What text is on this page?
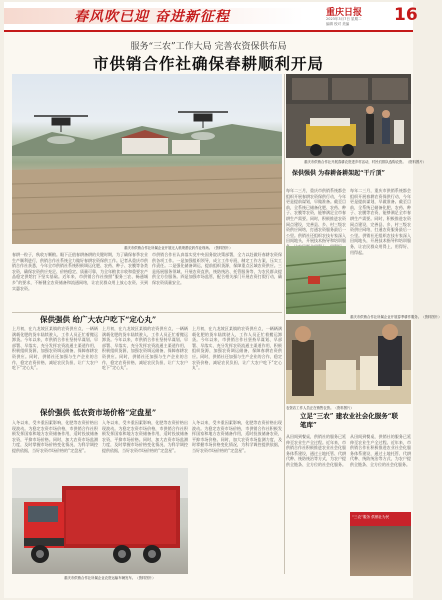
春风吹已迎 奋进新征程	重庆日报
2023年3月7日 星期二
编辑 校对 美编	16
服务“三农”工作大局 完善农资保供布局
市供销合作社确保春耕顺利开局
重庆市供销合作社所属企业开展无人机喷洒农药作业现场。（资料图片）
春耕一粒子，秋收万颗粮。眼下正值春耕备耕的关键时期，为了确保春季农业生产顺利进行，供销合作社系统全力做好春耕农资保供工作。记者从重庆市供销合作社获悉，今年全市供销社系统积极调运化肥、农药、种子、农膜等各类农资，确保农资供应充足、价格稳定、质量可靠，为全年粮食丰收和重要农产品稳定供给打下坚实基础。近年来，市供销合作社按照“服务三农、畅通城乡”的要求，不断健全农资储备和流通网络，让农民群众用上放心农资、买到实惠农资。
市供销合作社认真落实党中央国务院决策部署，全力以赴做好春耕农资保供各项工作。一是加强组织领导，成立工作专班，制定工作方案，压实工作责任。二是强化储备调运，提前组织货源，保障重点区域农资供应。三是拓展服务领域，开展农资直供、统防统治、托管服务等，为农民群众提供全方位服务。四是加强市场监管，配合相关部门开展农资打假行动，确保农资质量安全。
保供强供 给广大农户吃下“定心丸”
上月初，在九龙坡区某镇的农资供应点，一辆辆满载化肥的货车陆续驶入，工作人员正忙着搬运卸货。今年以来，市供销合作社坚持早谋划、早部署、早落实，充分发挥农资流通主渠道作用，积极组织货源，加强农资调运储备，保障春耕农资供应。同时，供销社还加强与生产企业的合作，稳定农资价格，减轻农民负担，让广大农户吃下“定心丸”。
上月初，在九龙坡区某镇的农资供应点，一辆辆满载化肥的货车陆续驶入，工作人员正忙着搬运卸货。今年以来，市供销合作社坚持早谋划、早部署、早落实，充分发挥农资流通主渠道作用，积极组织货源，加强农资调运储备，保障春耕农资供应。同时，供销社还加强与生产企业的合作，稳定农资价格，减轻农民负担，让广大农户吃下“定心丸”。
上月初，在九龙坡区某镇的农资供应点，一辆辆满载化肥的货车陆续驶入，工作人员正忙着搬运卸货。今年以来，市供销合作社坚持早谋划、早部署、早落实，充分发挥农资流通主渠道作用，积极组织货源，加强农资调运储备，保障春耕农资供应。同时，供销社还加强与生产企业的合作，稳定农资价格，减轻农民负担，让广大农户吃下“定心丸”。
保价强供 低农资市场价格“定盘星”
入冬以来，受多重因素影响，化肥等农资价格出现波动。为稳定农资市场价格，市供销合作社积极发挥国家和地方农资储备作用，适时投放储备农资，平抑市场价格。同时，加大农资市场监测力度，及时掌握市场价格变化情况，为科学调控提供依据，当好农资市场价格的“定盘星”。
入冬以来，受多重因素影响，化肥等农资价格出现波动。为稳定农资市场价格，市供销合作社积极发挥国家和地方农资储备作用，适时投放储备农资，平抑市场价格。同时，加大农资市场监测力度，及时掌握市场价格变化情况，为科学调控提供依据，当好农资市场价格的“定盘星”。
入冬以来，受多重因素影响，化肥等农资价格出现波动。为稳定农资市场价格，市供销合作社积极发挥国家和地方农资储备作用，适时投放储备农资，平抑市场价格。同时，加大农资市场监测力度，及时掌握市场价格变化情况，为科学调控提供依据，当好农资市场价格的“定盘星”。
重庆市供销合作社所属企业农资运输车辆发车。（资料图片）
重庆市供销合作社开展春耕农资进乡村活动，村民们排队选购农资。（资料图片）
保供强供 为春耕备耕架起“干斤顶”
每年二三月，重庆市供销系统都会组织开展春耕农资保供行动，今年更是提前谋划，早做准备。截至目前，全系统已储备化肥、农药、种子、农膜等农资，能够满足全市春耕生产需要。同时，积极推进农资网点建设，完善县、乡、村三级农资供应网络，打通农资服务最后一公里。供销社还组织农技专家深入田间地头，开展技术指导和培训服
每年二三月，重庆市供销系统都会组织开展春耕农资保供行动，今年更是提前谋划，早做准备。截至目前，全系统已储备化肥、农药、种子、农膜等农资，能够满足全市春耕生产需要。同时，积极推进农资网点建设，完善县、乡、村三级农资供应网络，打通农资服务最后一公里。供销社还组织农技专家深入田间地头，开展技术指导和培训服务，让农民群众用得上、用得好、用得起。
重庆市供销合作社所属企业开展春季耕作服务。（资料图片）
农资店工作人员正在销售农资。（资料图片）
立足“三农” 建农业社会化服务“联笔库”
从田间到餐桌，供销社的服务已延伸至农业生产全过程。近年来，市供销合作社积极推进农业社会化服务体系建设，通过土地托管、代耕代种、统防统治等方式，为农户提供全链条、全方位的社会化服务。
从田间到餐桌，供销社的服务已延伸至农业生产全过程。近年来，市供销合作社积极推进农业社会化服务体系建设，通过土地托管、代耕代种、统防统治等方式，为农户提供全链条、全方位的社会化服务。
“三农”服务 供销社为民
